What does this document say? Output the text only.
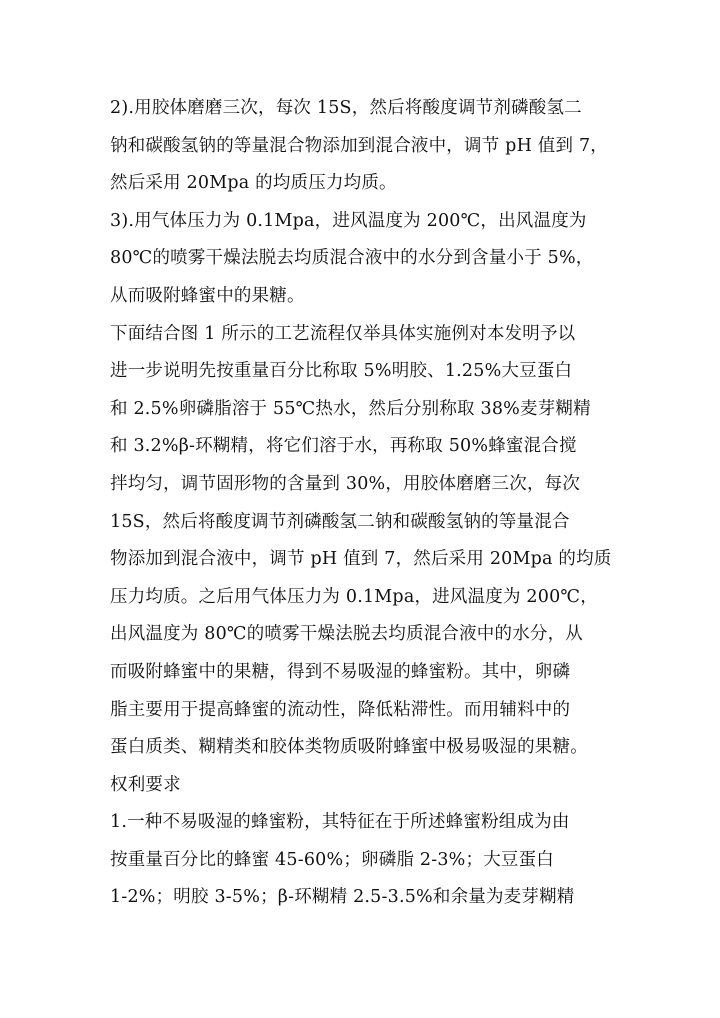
2).用胶体磨磨三次，每次 15S，然后将酸度调节剂磷酸氢二
钠和碳酸氢钠的等量混合物添加到混合液中，调节 pH 值到 7，
然后采用 20Mpa 的均质压力均质。
3).用气体压力为 0.1Mpa，进风温度为 200℃，出风温度为
80℃的喷雾干燥法脱去均质混合液中的水分到含量小于 5%，
从而吸附蜂蜜中的果糖。
下面结合图 1 所示的工艺流程仅举具体实施例对本发明予以
进一步说明先按重量百分比称取 5%明胶、1.25%大豆蛋白
和 2.5%卵磷脂溶于 55℃热水，然后分别称取 38%麦芽糊精
和 3.2%β-环糊精，将它们溶于水，再称取 50%蜂蜜混合搅
拌均匀，调节固形物的含量到 30%，用胶体磨磨三次，每次
15S，然后将酸度调节剂磷酸氢二钠和碳酸氢钠的等量混合
物添加到混合液中，调节 pH 值到 7，然后采用 20Mpa 的均质
压力均质。之后用气体压力为 0.1Mpa，进风温度为 200℃，
出风温度为 80℃的喷雾干燥法脱去均质混合液中的水分，从
而吸附蜂蜜中的果糖，得到不易吸湿的蜂蜜粉。其中，卵磷
脂主要用于提高蜂蜜的流动性，降低粘滞性。而用辅料中的
蛋白质类、糊精类和胶体类物质吸附蜂蜜中极易吸湿的果糖。
权利要求
1.一种不易吸湿的蜂蜜粉，其特征在于所述蜂蜜粉组成为由
按重量百分比的蜂蜜 45-60%；卵磷脂 2-3%；大豆蛋白
1-2%；明胶 3-5%；β-环糊精 2.5-3.5%和余量为麦芽糊精
